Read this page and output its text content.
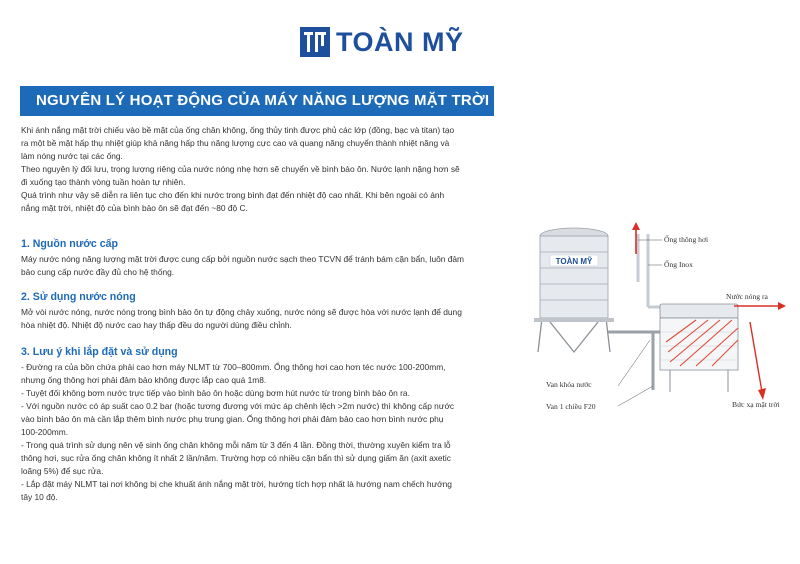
TOÀN MỸ
NGUYÊN LÝ HOẠT ĐỘNG CỦA MÁY NĂNG LƯỢNG MẶT TRỜI

Khi ánh nắng mặt trời chiếu vào bề mặt của ống chân không, ống thủy tinh được phủ các lớp (đồng, bạc và titan) tạo

ra một bề mặt hấp thụ nhiệt giúp khả năng hấp thu năng lượng cực cao và quang năng chuyển thành nhiệt năng và

làm nóng nước tại các ống.

Theo nguyên lý đối lưu, trọng lượng riêng của nước nóng nhẹ hơn sẽ chuyển về bình bảo ôn. Nước lạnh nặng hơn sẽ

đi xuống tạo thành vòng tuần hoàn tự nhiên.

Quá trình như vậy sẽ diễn ra liên tục cho đến khi nước trong bình đạt đến nhiệt độ cao nhất. Khi bên ngoài có ánh

nắng mặt trời, nhiệt độ của bình bảo ôn sẽ đạt đến ~80 độ C.

1. Nguồn nước cấp

Máy nước nóng năng lượng mặt trời được cung cấp bởi nguồn nước sạch theo TCVN để tránh bám cặn bẩn, luôn đảm

bảo cung cấp nước đầy đủ cho hệ thống.

2. Sử dụng nước nóng

Mở vòi nước nóng, nước nóng trong bình bảo ôn tự động chảy xuống, nước nóng sẽ được hòa với nước lạnh để dung

hòa nhiệt độ. Nhiệt độ nước cao hay thấp đều do người dùng điều chỉnh.

3. Lưu ý khi lắp đặt và sử dụng

- Đường ra của bồn chứa phải cao hơn máy NLMT từ 700–800mm. Ống thông hơi cao hơn téc nước 100-200mm,

nhưng ống thông hơi phải đảm bảo không được lắp cao quá 1m8.

- Tuyệt đối không bơm nước trực tiếp vào bình bảo ôn hoặc dùng bơm hút nước từ trong bình bảo ôn ra.

- Với nguồn nước có áp suất cao 0.2 bar (hoặc tương đương với mức áp chênh lệch >2m nước) thì không cấp nước

vào bình bảo ôn mà cần lắp thêm bình nước phụ trung gian. Ống thông hơi phải đảm bảo cao hơn bình nước phụ

100-200mm.

- Trong quá trình sử dụng nên vệ sinh ống chân không mỗi năm từ 3 đến 4 lần. Đồng thời, thường xuyên kiểm tra lỗ

thông hơi, sục rửa ống chân không ít nhất 2 lần/năm. Trường hợp có nhiều cặn bẩn thì sử dụng giấm ăn (axit axetic

loãng 5%) để sục rửa.

- Lắp đặt máy NLMT tại nơi không bị che khuất ánh nắng mặt trời, hướng tích hợp nhất là hướng nam chếch hướng

tây 10 độ.

TOÀN MỸ
Ống thông hơi
Ống Inox
Nước nóng ra
Van khóa nước
Van 1 chiều F20	Bức xạ mặt trời
